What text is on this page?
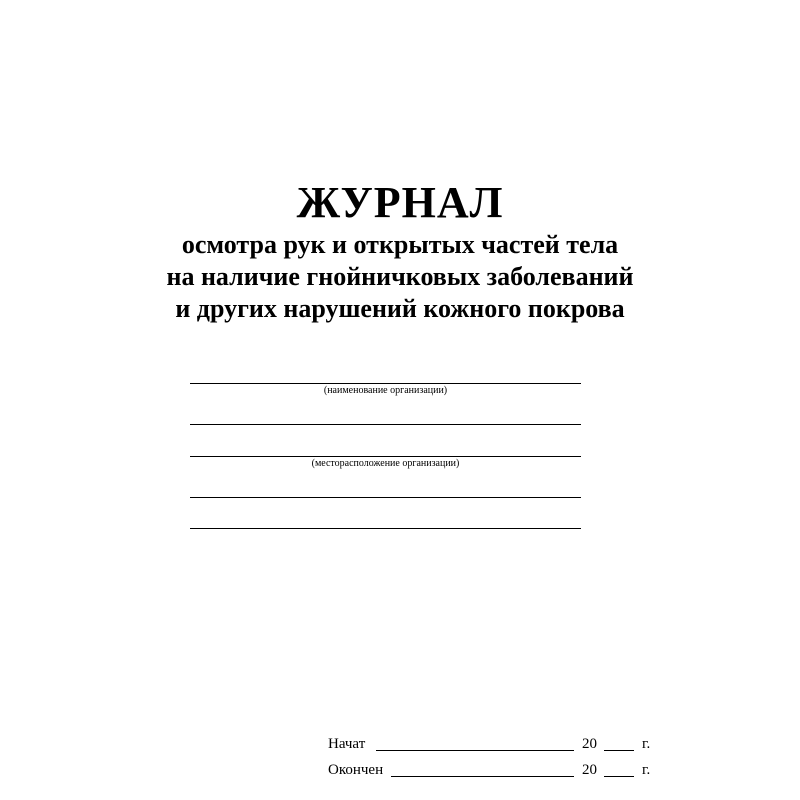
ЖУРНАЛ
осмотра рук и открытых частей тела
на наличие гнойничковых заболеваний
и других нарушений кожного покрова
(наименование организации)
(месторасположение организации)
Начат	20	г.
Окончен	20	г.
